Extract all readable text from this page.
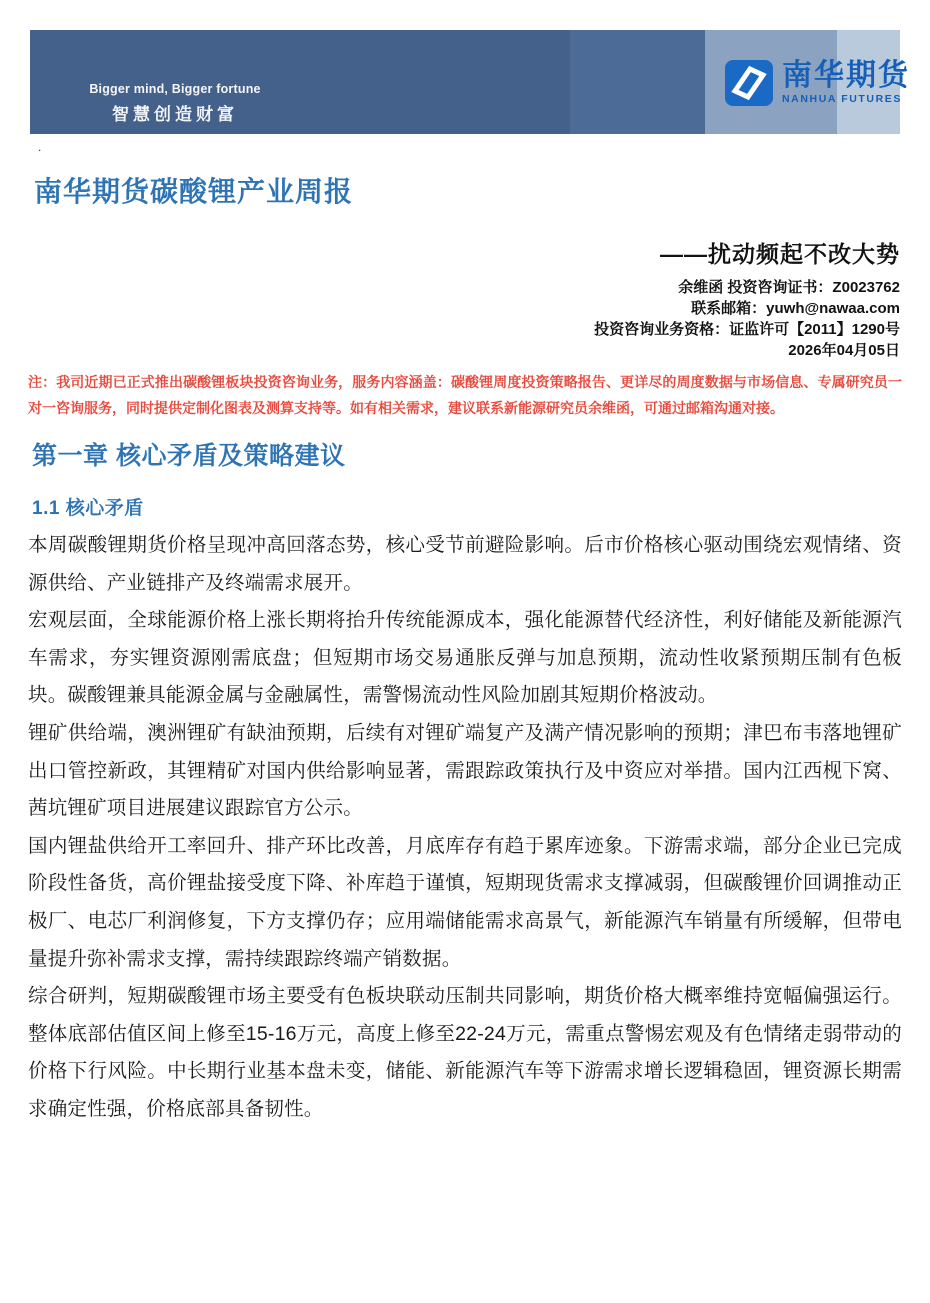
Bigger mind, Bigger fortune
智慧创造财富
南华期货
NANHUA FUTURES
.
南华期货碳酸锂产业周报
——扰动频起不改大势
余维函 投资咨询证书：Z0023762
联系邮箱：yuwh@nawaa.com
投资咨询业务资格：证监许可【2011】1290号
2026年04月05日

注：我司近期已正式推出碳酸锂板块投资咨询业务，服务内容涵盖：碳酸锂周度投资策略报告、更详尽的周度数据与市场信息、专属研究员一对一咨询服务，同时提供定制化图表及测算支持等。如有相关需求，建议联系新能源研究员余维函，可通过邮箱沟通对接。

第一章 核心矛盾及策略建议
1.1 核心矛盾

本周碳酸锂期货价格呈现冲高回落态势，核心受节前避险影响。后市价格核心驱动围绕宏观情绪、资源供给、产业链排产及终端需求展开。

宏观层面，全球能源价格上涨长期将抬升传统能源成本，强化能源替代经济性，利好储能及新能源汽车需求，夯实锂资源刚需底盘；但短期市场交易通胀反弹与加息预期，流动性收紧预期压制有色板块。碳酸锂兼具能源金属与金融属性，需警惕流动性风险加剧其短期价格波动。

锂矿供给端，澳洲锂矿有缺油预期，后续有对锂矿端复产及满产情况影响的预期；津巴布韦落地锂矿出口管控新政，其锂精矿对国内供给影响显著，需跟踪政策执行及中资应对举措。国内江西枧下窝、茜坑锂矿项目进展建议跟踪官方公示。

国内锂盐供给开工率回升、排产环比改善，月底库存有趋于累库迹象。下游需求端，部分企业已完成阶段性备货，高价锂盐接受度下降、补库趋于谨慎，短期现货需求支撑减弱，但碳酸锂价回调推动正极厂、电芯厂利润修复，下方支撑仍存；应用端储能需求高景气，新能源汽车销量有所缓解，但带电量提升弥补需求支撑，需持续跟踪终端产销数据。

综合研判，短期碳酸锂市场主要受有色板块联动压制共同影响，期货价格大概率维持宽幅偏强运行。整体底部估值区间上修至15-16万元，高度上修至22-24万元，需重点警惕宏观及有色情绪走弱带动的价格下行风险。中长期行业基本盘未变，储能、新能源汽车等下游需求增长逻辑稳固，锂资源长期需求确定性强，价格底部具备韧性。
